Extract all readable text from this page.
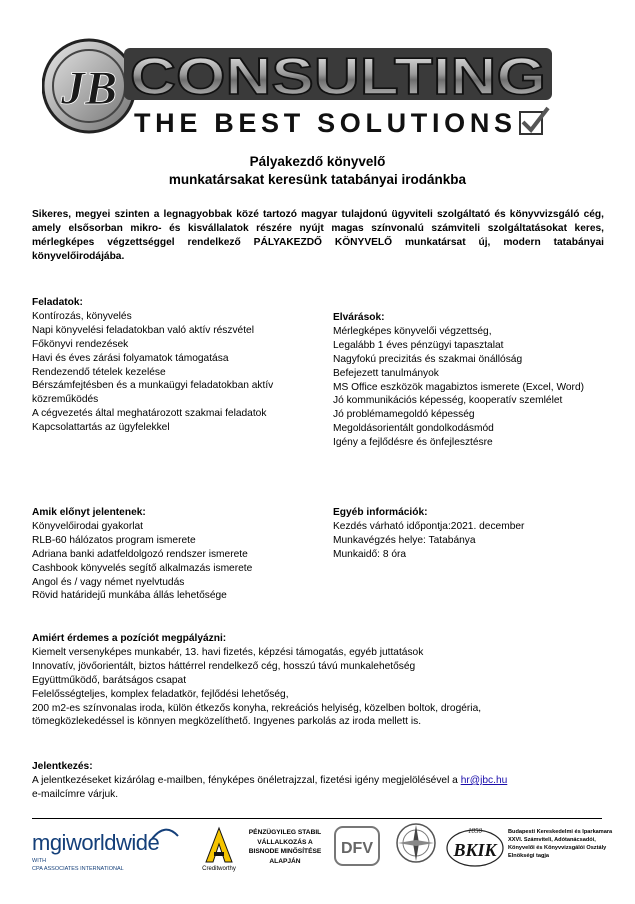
JB CONSULTING
THE BEST SOLUTIONS
Pályakezdő könyvelő
munkatársakat keresünk tatabányai irodánkba
Sikeres, megyei szinten a legnagyobbak közé tartozó magyar tulajdonú ügyviteli szolgáltató és könyvvizsgáló cég, amely elsősorban mikro- és kisvállalatok részére nyújt magas színvonalú számviteli szolgáltatásokat keres, mérlegképes végzettséggel rendelkező PÁLYAKEZDŐ KÖNYVELŐ munkatársat új, modern tatabányai könyvelőirodájába.
Feladatok:
Kontírozás, könyvelés
Napi könyvelési feladatokban való aktív részvétel
Főkönyvi rendezések
Havi és éves zárási folyamatok támogatása
Rendezendő tételek kezelése
Bérszámfejtésben és a munkaügyi feladatokban aktív közreműködés
A cégvezetés által meghatározott szakmai feladatok
Kapcsolattartás az ügyfelekkel
Elvárások:
Mérlegképes könyvelői végzettség,
Legalább 1 éves pénzügyi tapasztalat
Nagyfokú precizitás és szakmai önállóság
Befejezett tanulmányok
MS Office eszközök magabiztos ismerete (Excel, Word)
Jó kommunikációs képesség, kooperatív szemlélet
Jó problémamegoldó képesség
Megoldásorientált gondolkodásmód
Igény a fejlődésre és önfejlesztésre
Amik előnyt jelentenek:
Könyvelőirodai gyakorlat
RLB-60 hálózatos program ismerete
Adriana banki adatfeldolgozó rendszer ismerete
Cashbook könyvelés segítő alkalmazás ismerete
Angol és / vagy német nyelvtudás
Rövid határidejű munkába állás lehetősége
Egyéb információk:
Kezdés várható időpontja:2021. december
Munkavégzés helye: Tatabánya
Munkaidő: 8 óra
Amiért érdemes a pozíciót megpályázni:
Kiemelt versenyképes munkabér, 13. havi fizetés, képzési támogatás, egyéb juttatások
Innovatív, jövőorientált, biztos háttérrel rendelkező cég, hosszú távú munkalehetőség
Együttműködő, barátságos csapat
Felelősségteljes, komplex feladatkör, fejlődési lehetőség,
200 m2-es színvonalas iroda, külön étkezős konyha, rekreációs helyiség, közelben boltok, drogéria,
tömegközlekedéssel is könnyen megközelíthető. Ingyenes parkolás az iroda mellett is.
Jelentkezés:
A jelentkezéseket kizárólag e-mailben, fényképes önéletrajzzal, fizetési igény megjelölésével a hr@jbc.hu
e-mailcímre várjuk.
mgiworldwide
WITH
CPA ASSOCIATES INTERNATIONAL	Creditworthy
PÉNZÜGYILEG STABIL VÁLLALKOZÁS A BISNODE MINŐSÍTÉSE ALAPJÁN
DFV
1850
BKIK
Budapesti Kereskedelmi és Iparkamara XXVI. Számviteli, Adótanácsadói, Könyvelői és Könyvvizsgálói Osztály Elnökségi tagja
